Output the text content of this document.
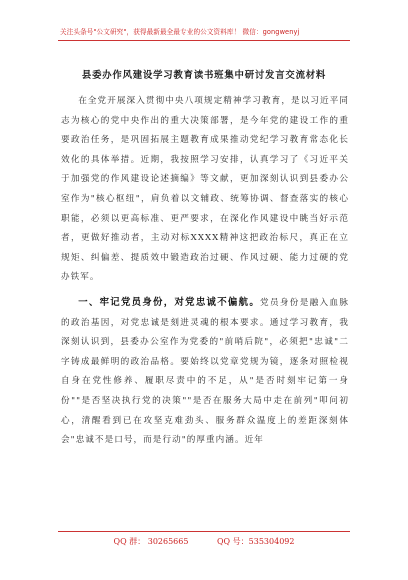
关注头条号"公文研究"，获得最新最全最专业的公文资料库！ 微信：gongwenyj
县委办作风建设学习教育读书班集中研讨发言交流材料

在全党开展深入贯彻中央八项规定精神学习教育，是以习近平同志为核心的党中央作出的重大决策部署，是今年党的建设工作的重要政治任务，是巩固拓展主题教育成果推动党纪学习教育常态化长效化的具体举措。近期，我按照学习安排，认真学习了《习近平关于加强党的作风建设论述摘编》等文献，更加深刻认识到县委办公室作为"核心枢纽"，肩负着以文辅政、统筹协调、督查落实的核心职能，必须以更高标准、更严要求，在深化作风建设中眺当好示范者，更做好推动者，主动对标XXXX精神这把政治标尺，真正在立规矩、纠偏差、提质效中锻造政治过硬、作风过硬、能力过硬的党办铁军。

一、牢记党员身份，对党忠诚不偏航。党员身份是融入血脉的政治基因，对党忠诚是刻进灵魂的根本要求。通过学习教育，我深刻认识到，县委办公室作为党委的"前哨后院"，必须把"忠诚"二字铸成最鲜明的政治品格。要始终以党章党规为镜，逐条对照检视自身在党性修养、履职尽责中的不足，从"是否时刻牢记第一身份""是否坚决执行党的决策""是否在服务大局中走在前列"叩问初心，清醒看到已在攻坚克难劲头、服务群众温度上的差距深刻体会"忠诚不是口号，而是行动"的厚重内涵。近年

QQ 群： 30265665	QQ 号：535304092
